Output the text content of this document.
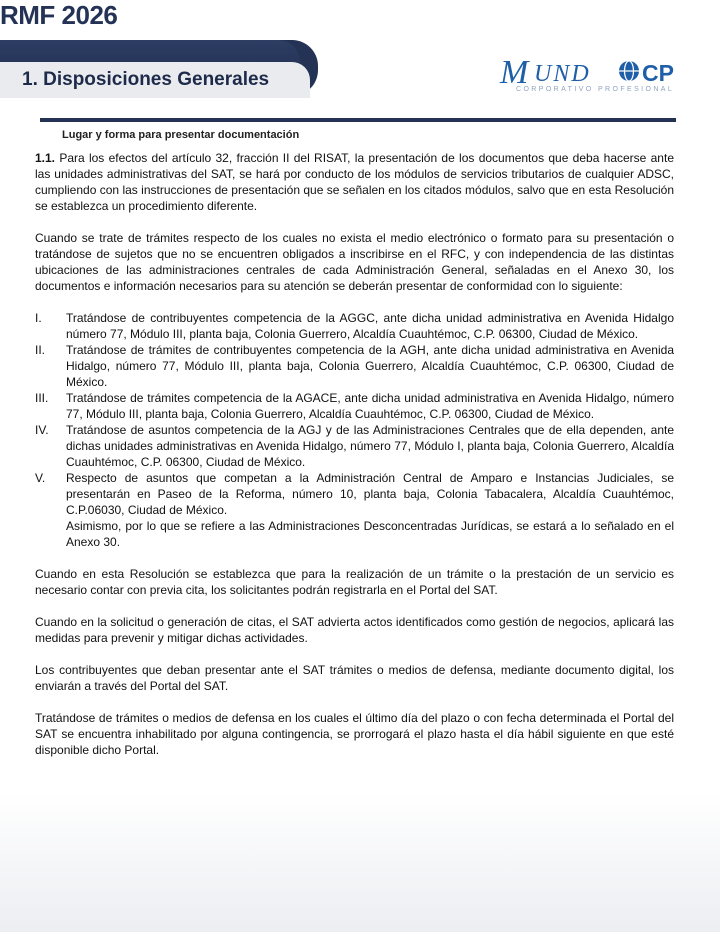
RMF 2026
1. Disposiciones Generales	M UND CP
CORPORATIVO PROFESIONAL
Lugar y forma para presentar documentación

1.1. Para los efectos del artículo 32, fracción II del RISAT, la presentación de los documentos que deba hacerse ante las unidades administrativas del SAT, se hará por conducto de los módulos de servicios tributarios de cualquier ADSC, cumpliendo con las instrucciones de presentación que se señalen en los citados módulos, salvo que en esta Resolución se establezca un procedimiento diferente.

Cuando se trate de trámites respecto de los cuales no exista el medio electrónico o formato para su presentación o tratándose de sujetos que no se encuentren obligados a inscribirse en el RFC, y con independencia de las distintas ubicaciones de las administraciones centrales de cada Administración General, señaladas en el Anexo 30, los documentos e información necesarios para su atención se deberán presentar de conformidad con lo siguiente:

I. Tratándose de contribuyentes competencia de la AGGC, ante dicha unidad administrativa en Avenida Hidalgo número 77, Módulo III, planta baja, Colonia Guerrero, Alcaldía Cuauhtémoc, C.P. 06300, Ciudad de México.
II. Tratándose de trámites de contribuyentes competencia de la AGH, ante dicha unidad administrativa en Avenida Hidalgo, número 77, Módulo III, planta baja, Colonia Guerrero, Alcaldía Cuauhtémoc, C.P. 06300, Ciudad de México.
III. Tratándose de trámites competencia de la AGACE, ante dicha unidad administrativa en Avenida Hidalgo, número 77, Módulo III, planta baja, Colonia Guerrero, Alcaldía Cuauhtémoc, C.P. 06300, Ciudad de México.
IV. Tratándose de asuntos competencia de la AGJ y de las Administraciones Centrales que de ella dependen, ante dichas unidades administrativas en Avenida Hidalgo, número 77, Módulo I, planta baja, Colonia Guerrero, Alcaldía Cuauhtémoc, C.P. 06300, Ciudad de México.
V. Respecto de asuntos que competan a la Administración Central de Amparo e Instancias Judiciales, se presentarán en Paseo de la Reforma, número 10, planta baja, Colonia Tabacalera, Alcaldía Cuauhtémoc, C.P.06030, Ciudad de México.
Asimismo, por lo que se refiere a las Administraciones Desconcentradas Jurídicas, se estará a lo señalado en el Anexo 30.

Cuando en esta Resolución se establezca que para la realización de un trámite o la prestación de un servicio es necesario contar con previa cita, los solicitantes podrán registrarla en el Portal del SAT.

Cuando en la solicitud o generación de citas, el SAT advierta actos identificados como gestión de negocios, aplicará las medidas para prevenir y mitigar dichas actividades.

Los contribuyentes que deban presentar ante el SAT trámites o medios de defensa, mediante documento digital, los enviarán a través del Portal del SAT.

Tratándose de trámites o medios de defensa en los cuales el último día del plazo o con fecha determinada el Portal del SAT se encuentra inhabilitado por alguna contingencia, se prorrogará el plazo hasta el día hábil siguiente en que esté disponible dicho Portal.
